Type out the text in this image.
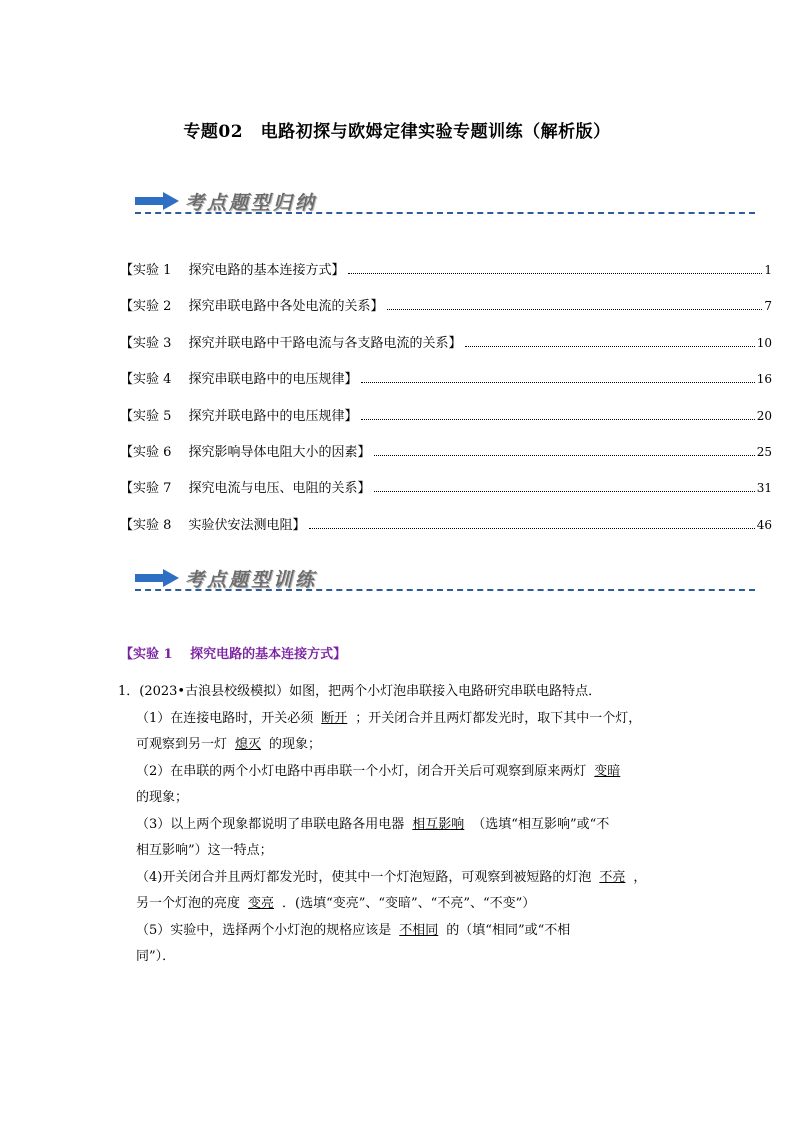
专题02　电路初探与欧姆定律实验专题训练（解析版）
考点题型归纳
【实验 1　 探究电路的基本连接方式】	1
【实验 2　 探究串联电路中各处电流的关系】	7
【实验 3　 探究并联电路中干路电流与各支路电流的关系】	10
【实验 4　 探究串联电路中的电压规律】	16
【实验 5　 探究并联电路中的电压规律】	20
【实验 6　 探究影响导体电阻大小的因素】	25
【实验 7　 探究电流与电压、电阻的关系】	31
【实验 8　 实验伏安法测电阻】	46
考点题型训练
【实验 1　 探究电路的基本连接方式】

1．(2023•古浪县校级模拟）如图，把两个小灯泡串联接入电路研究串联电路特点．

（1）在连接电路时，开关必须 断开 ；开关闭合并且两灯都发光时，取下其中一个灯，

可观察到另一灯 熄灭 的现象；

（2）在串联的两个小灯电路中再串联一个小灯，闭合开关后可观察到原来两灯 变暗

的现象；

（3）以上两个现象都说明了串联电路各用电器 相互影响 （选填“相互影响”或“不

相互影响”）这一特点；

（4)开关闭合并且两灯都发光时，使其中一个灯泡短路，可观察到被短路的灯泡 不亮 ，

另一个灯泡的亮度 变亮 ．(选填“变亮”、“变暗”、“不亮”、“不变”）

（5）实验中，选择两个小灯泡的规格应该是 不相同 的（填“相同”或“不相

同”）．
